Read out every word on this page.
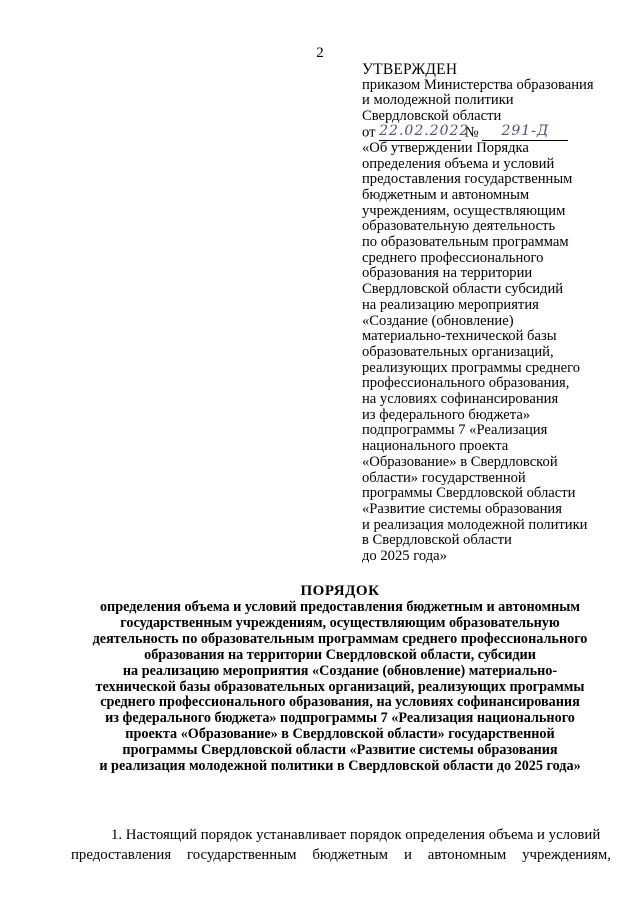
2
УТВЕРЖДЕН
приказом Министерства образования
и молодежной политики
Свердловской области
от 22.02.2022 № 291-Д
«Об утверждении Порядка
определения объема и условий
предоставления государственным
бюджетным и автономным
учреждениям, осуществляющим
образовательную деятельность
по образовательным программам
среднего профессионального
образования на территории
Свердловской области субсидий
на реализацию мероприятия
«Создание (обновление)
материально-технической базы
образовательных организаций,
реализующих программы среднего
профессионального образования,
на условиях софинансирования
из федерального бюджета»
подпрограммы 7 «Реализация
национального проекта
«Образование» в Свердловской
области» государственной
программы Свердловской области
«Развитие системы образования
и реализация молодежной политики
в Свердловской области
до 2025 года»
ПОРЯДОК
определения объема и условий предоставления бюджетным и автономным
государственным учреждениям, осуществляющим образовательную
деятельность по образовательным программам среднего профессионального
образования на территории Свердловской области, субсидии
на реализацию мероприятия «Создание (обновление) материально-
технической базы образовательных организаций, реализующих программы
среднего профессионального образования, на условиях софинансирования
из федерального бюджета» подпрограммы 7 «Реализация национального
проекта «Образование» в Свердловской области» государственной
программы Свердловской области «Развитие системы образования
и реализация молодежной политики в Свердловской области до 2025 года»
1. Настоящий порядок устанавливает порядок определения объема и условий
предоставления государственным бюджетным и автономным учреждениям,
